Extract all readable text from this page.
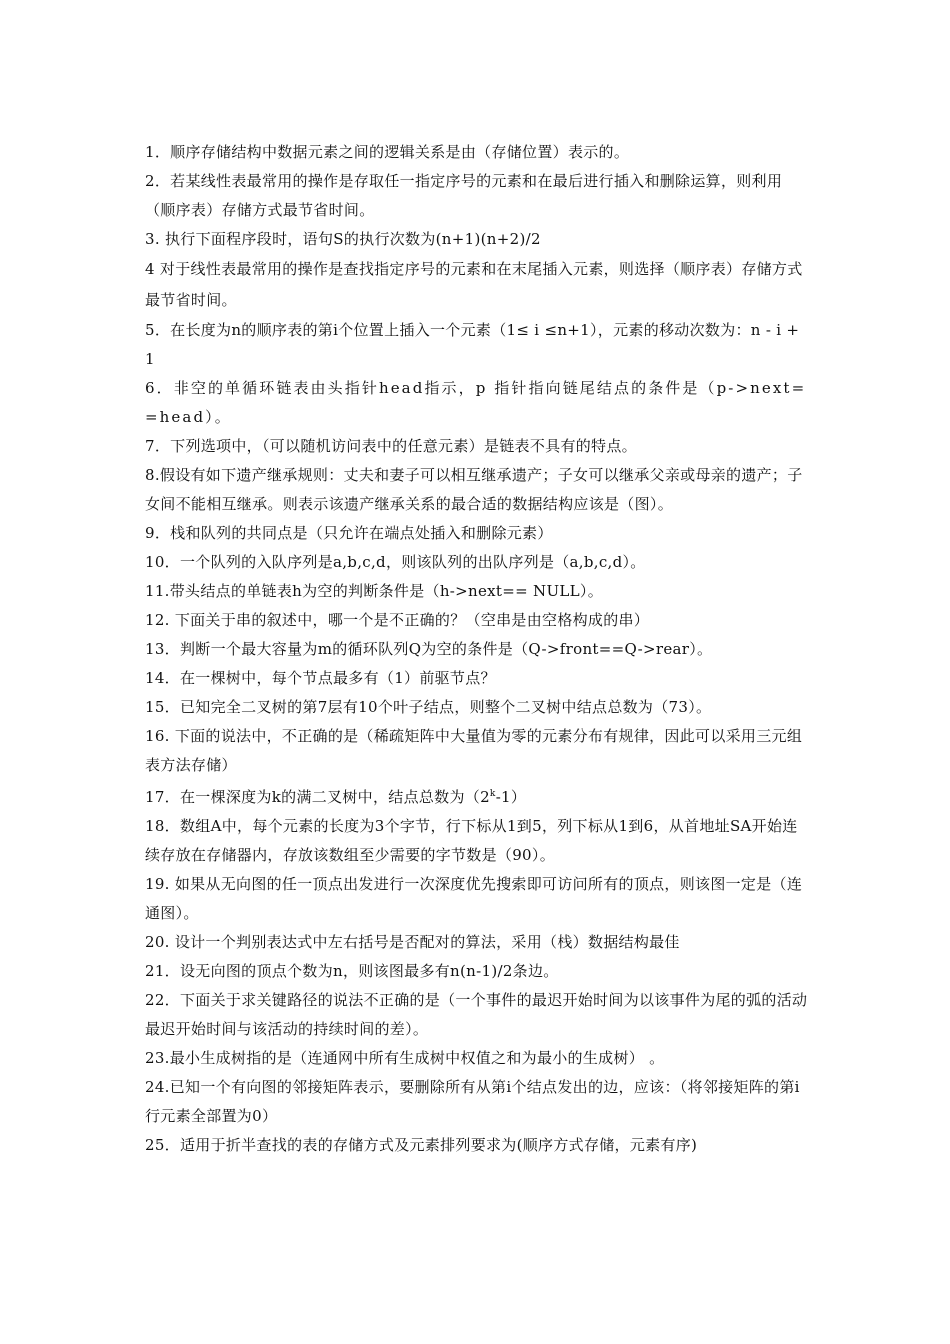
1．顺序存储结构中数据元素之间的逻辑关系是由（存储位置）表示的。

2．若某线性表最常用的操作是存取任一指定序号的元素和在最后进行插入和删除运算，则利用（顺序表）存储方式最节省时间。

3. 执行下面程序段时，语句S的执行次数为(n+1)(n+2)/2

4 对于线性表最常用的操作是查找指定序号的元素和在末尾插入元素，则选择（顺序表）存储方式最节省时间。

5．在长度为n的顺序表的第i个位置上插入一个元素（1≤ i ≤n+1），元素的移动次数为：n - i + 1

6．非空的单循环链表由头指针head指示，p 指针指向链尾结点的条件是（p->next==head）。

7．下列选项中，（可以随机访问表中的任意元素）是链表不具有的特点。

8.假设有如下遗产继承规则：丈夫和妻子可以相互继承遗产；子女可以继承父亲或母亲的遗产；子女间不能相互继承。则表示该遗产继承关系的最合适的数据结构应该是（图）。

9．栈和队列的共同点是（只允许在端点处插入和删除元素）

10．一个队列的入队序列是a,b,c,d，则该队列的出队序列是（a,b,c,d）。

11.带头结点的单链表h为空的判断条件是（h->next== NULL）。

12. 下面关于串的叙述中，哪一个是不正确的？（空串是由空格构成的串）

13．判断一个最大容量为m的循环队列Q为空的条件是（Q->front==Q->rear）。

14．在一棵树中，每个节点最多有（1）前驱节点？

15．已知完全二叉树的第7层有10个叶子结点，则整个二叉树中结点总数为（73）。

16. 下面的说法中，不正确的是（稀疏矩阵中大量值为零的元素分布有规律，因此可以采用三元组表方法存储）

17．在一棵深度为k的满二叉树中，结点总数为（2$^k$-1）

18．数组A中，每个元素的长度为3个字节，行下标从1到5，列下标从1到6，从首地址SA开始连续存放在存储器内，存放该数组至少需要的字节数是（90）。

19. 如果从无向图的任一顶点出发进行一次深度优先搜索即可访问所有的顶点，则该图一定是（连通图）。

20. 设计一个判别表达式中左右括号是否配对的算法，采用（栈）数据结构最佳

21．设无向图的顶点个数为n，则该图最多有n(n-1)/2条边。

22．下面关于求关键路径的说法不正确的是（一个事件的最迟开始时间为以该事件为尾的弧的活动最迟开始时间与该活动的持续时间的差）。

23.最小生成树指的是（连通网中所有生成树中权值之和为最小的生成树） 。

24.已知一个有向图的邻接矩阵表示，要删除所有从第i个结点发出的边，应该：（将邻接矩阵的第i行元素全部置为0）

25．适用于折半查找的表的存储方式及元素排列要求为(顺序方式存储，元素有序)
